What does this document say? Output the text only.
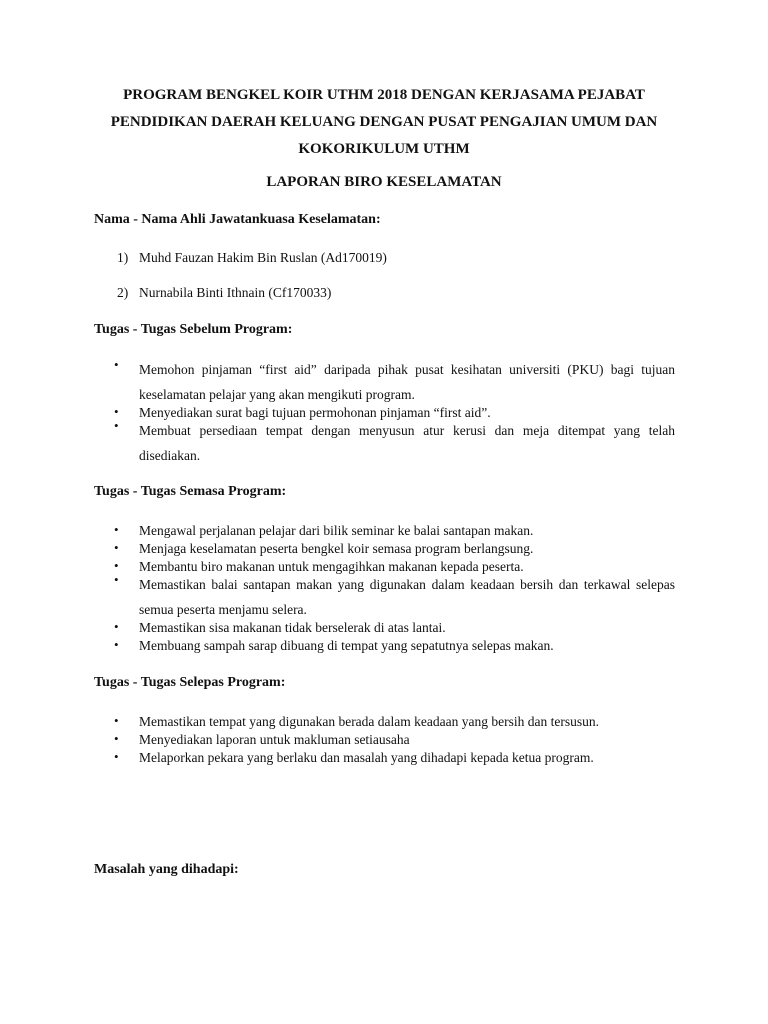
PROGRAM BENGKEL KOIR UTHM 2018 DENGAN KERJASAMA PEJABAT
PENDIDIKAN DAERAH KELUANG DENGAN PUSAT PENGAJIAN UMUM DAN
KOKORIKULUM UTHM
LAPORAN BIRO KESELAMATAN
Nama - Nama Ahli Jawatankuasa Keselamatan:
1) Muhd Fauzan Hakim Bin Ruslan (Ad170019)
2) Nurnabila Binti Ithnain (Cf170033)
Tugas - Tugas Sebelum Program:
•	Memohon pinjaman “first aid” daripada pihak pusat kesihatan universiti (PKU) bagi tujuan keselamatan pelajar yang akan mengikuti program.
•	Menyediakan surat bagi tujuan permohonan pinjaman “first aid”.
•	Membuat persediaan tempat dengan menyusun atur kerusi dan meja ditempat yang telah disediakan.
Tugas - Tugas Semasa Program:
•	Mengawal perjalanan pelajar dari bilik seminar ke balai santapan makan.
•	Menjaga keselamatan peserta bengkel koir semasa program berlangsung.
•	Membantu biro makanan untuk mengagihkan makanan kepada peserta.
•	Memastikan balai santapan makan yang digunakan dalam keadaan bersih dan terkawal selepas semua peserta menjamu selera.
•	Memastikan sisa makanan tidak berselerak di atas lantai.
•	Membuang sampah sarap dibuang di tempat yang sepatutnya selepas makan.
Tugas - Tugas Selepas Program:
•	Memastikan tempat yang digunakan berada dalam keadaan yang bersih dan tersusun.
•	Menyediakan laporan untuk makluman setiausaha
•	Melaporkan pekara yang berlaku dan masalah yang dihadapi kepada ketua program.
Masalah yang dihadapi:
